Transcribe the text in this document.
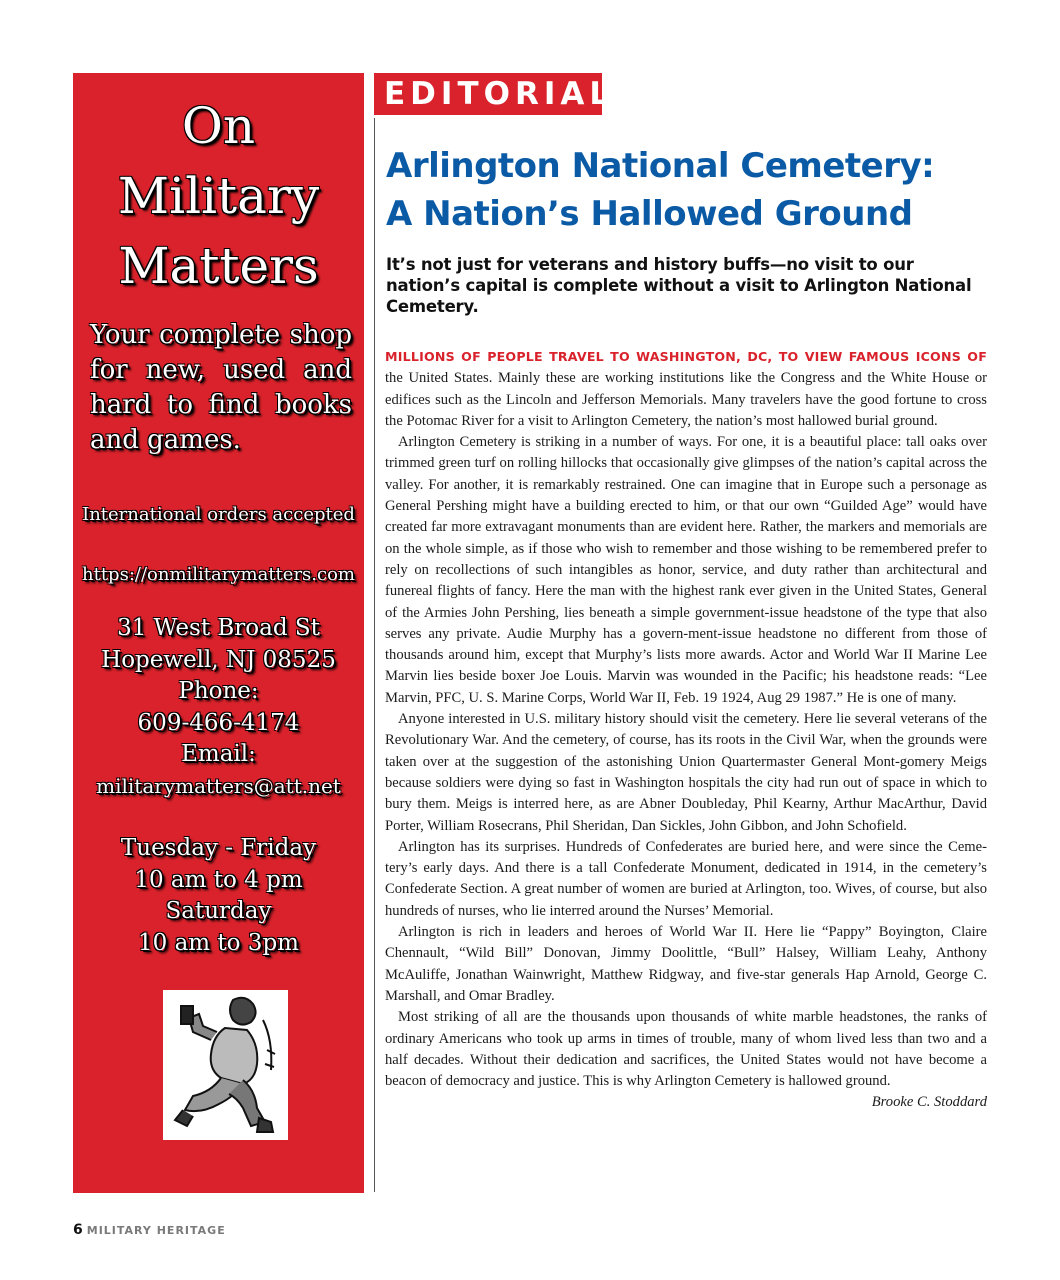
On
Military
Matters
Your complete shop for new, used and hard to find books and games.
International orders accepted
https://onmilitarymatters.com
31 West Broad St
Hopewell, NJ 08525
Phone:
609-466-4174
Email:
militarymatters@att.net
Tuesday - Friday
10 am to 4 pm
Saturday
10 am to 3pm
EDITORIAL
Arlington National Cemetery:
A Nation’s Hallowed Ground

It’s not just for veterans and history buffs—no visit to our nation’s capital is complete without a visit to Arlington National Cemetery.

MILLIONS OF PEOPLE TRAVEL TO WASHINGTON, DC, TO VIEW FAMOUS ICONS OF the United States. Mainly these are working institutions like the Congress and the White House or edifices such as the Lincoln and Jefferson Memorials. Many travelers have the good fortune to cross the Potomac River for a visit to Arlington Cemetery, the nation’s most hallowed burial ground.

Arlington Cemetery is striking in a number of ways. For one, it is a beautiful place: tall oaks over trimmed green turf on rolling hillocks that occasionally give glimpses of the nation’s capital across the valley. For another, it is remarkably restrained. One can imagine that in Europe such a personage as General Pershing might have a building erected to him, or that our own “Guilded Age” would have created far more extravagant monuments than are evident here. Rather, the markers and memorials are on the whole simple, as if those who wish to remember and those wishing to be remembered prefer to rely on recollections of such intangibles as honor, service, and duty rather than architectural and funereal flights of fancy. Here the man with the highest rank ever given in the United States, General of the Armies John Pershing, lies beneath a simple government-issue headstone of the type that also serves any private. Audie Murphy has a govern-ment-issue headstone no different from those of thousands around him, except that Murphy’s lists more awards. Actor and World War II Marine Lee Marvin lies beside boxer Joe Louis. Marvin was wounded in the Pacific; his headstone reads: “Lee Marvin, PFC, U. S. Marine Corps, World War II, Feb. 19 1924, Aug 29 1987.” He is one of many.

Anyone interested in U.S. military history should visit the cemetery. Here lie several veterans of the Revolutionary War. And the cemetery, of course, has its roots in the Civil War, when the grounds were taken over at the suggestion of the astonishing Union Quartermaster General Mont-gomery Meigs because soldiers were dying so fast in Washington hospitals the city had run out of space in which to bury them. Meigs is interred here, as are Abner Doubleday, Phil Kearny, Arthur MacArthur, David Porter, William Rosecrans, Phil Sheridan, Dan Sickles, John Gibbon, and John Schofield.

Arlington has its surprises. Hundreds of Confederates are buried here, and were since the Ceme-tery’s early days. And there is a tall Confederate Monument, dedicated in 1914, in the cemetery’s Confederate Section. A great number of women are buried at Arlington, too. Wives, of course, but also hundreds of nurses, who lie interred around the Nurses’ Memorial.

Arlington is rich in leaders and heroes of World War II. Here lie “Pappy” Boyington, Claire Chennault, “Wild Bill” Donovan, Jimmy Doolittle, “Bull” Halsey, William Leahy, Anthony McAuliffe, Jonathan Wainwright, Matthew Ridgway, and five-star generals Hap Arnold, George C. Marshall, and Omar Bradley.

Most striking of all are the thousands upon thousands of white marble headstones, the ranks of ordinary Americans who took up arms in times of trouble, many of whom lived less than two and a half decades. Without their dedication and sacrifices, the United States would not have become a beacon of democracy and justice. This is why Arlington Cemetery is hallowed ground.

Brooke C. Stoddard

6 MILITARY HERITAGE
